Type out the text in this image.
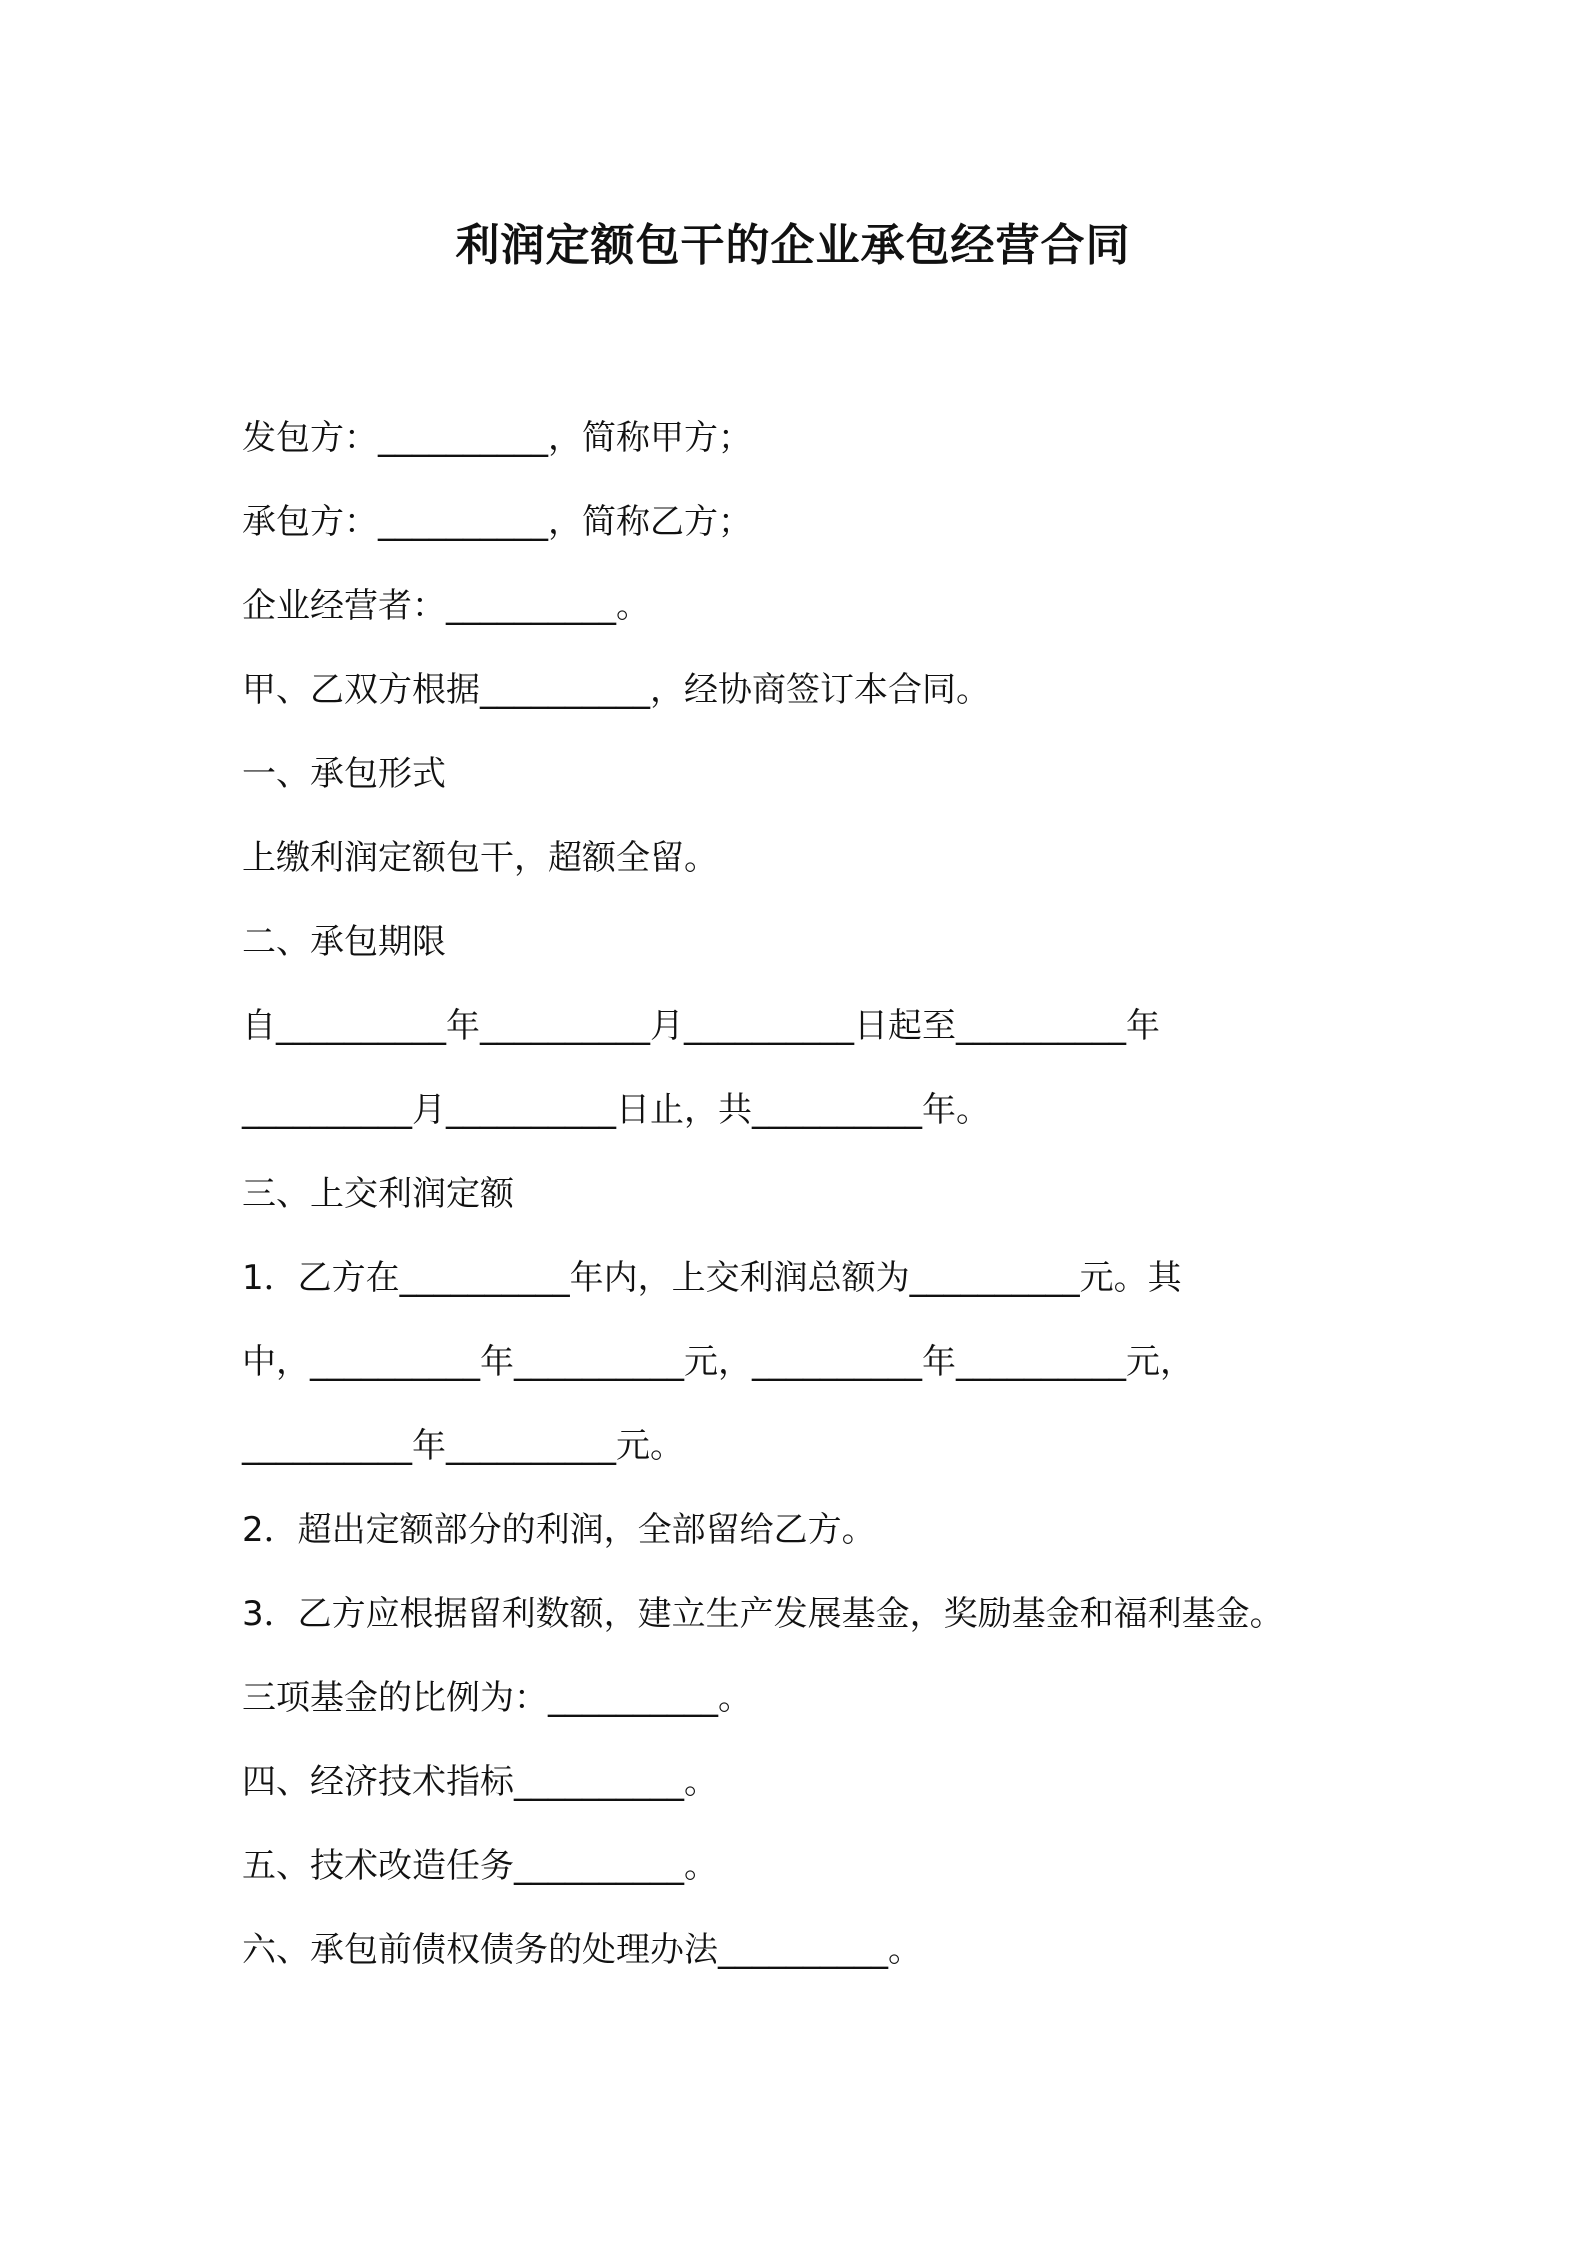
利润定额包干的企业承包经营合同

发包方：__________，简称甲方；

承包方：__________，简称乙方；

企业经营者：__________。

甲、乙双方根据__________，经协商签订本合同。

一、承包形式

上缴利润定额包干，超额全留。

二、承包期限

自__________年__________月__________日起至__________年

__________月__________日止，共__________年。

三、上交利润定额

1．乙方在__________年内，上交利润总额为__________元。其

中，__________年__________元，__________年__________元，

__________年__________元。

2．超出定额部分的利润，全部留给乙方。

3．乙方应根据留利数额，建立生产发展基金，奖励基金和福利基金。

三项基金的比例为：__________。

四、经济技术指标__________。

五、技术改造任务__________。

六、承包前债权债务的处理办法__________。
